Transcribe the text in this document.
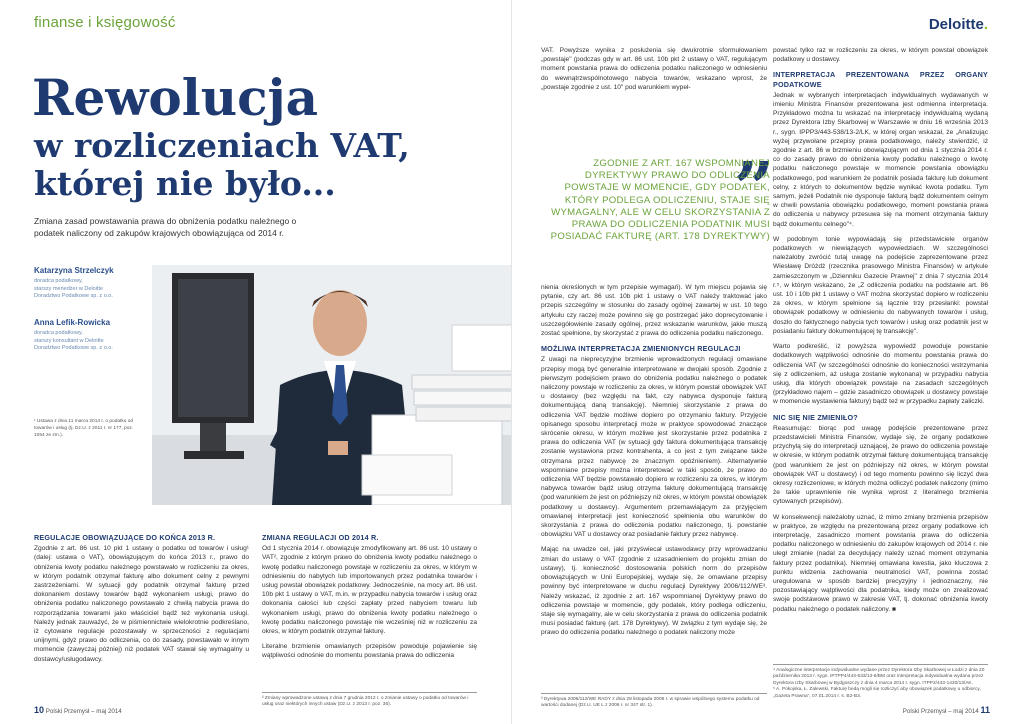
finanse i księgowość
Rewolucja
w rozliczeniach VAT,
której nie było...
Zmiana zasad powstawania prawa do obniżenia podatku należnego o podatek naliczony od zakupów krajowych obowiązująca od 2014 r.
Katarzyna Strzelczyk
doradca podatkowy,
starszy menedżer w Deloitte
Doradztwo Podatkowe sp. z o.o.
Anna Lefik-Rowicka
doradca podatkowy,
starszy konsultant w Deloitte
Doradztwo Podatkowe sp. z o.o.
¹ Ustawa z dnia 11 marca 2014 r. o podatku od towarów i usług (tj. Dz.U. z 2011 r. nr 177, poz. 1054 ze zm.).
REGULACJE OBOWIĄZUJĄCE DO KOŃCA 2013 R.
Zgodnie z art. 86 ust. 10 pkt 1 ustawy o podatku od towarów i usług¹ (dalej: ustawa o VAT), obowiązującym do końca 2013 r., prawo do obniżenia kwoty podatku należnego powstawało w rozliczeniu za okres, w którym podatnik otrzymał fakturę albo dokument celny z pewnymi zastrzeżeniami. W sytuacji gdy podatnik otrzymał fakturę przed dokonaniem dostawy towarów bądź wykonaniem usługi, prawo do obniżenia podatku naliczonego powstawało z chwilą nabycia prawa do rozporządzania towarami jako właściciel bądź też wykonania usługi. Należy jednak zauważyć, że w piśmiennictwie wielokrotnie podkreślano, iż cytowane regulacje pozostawały w sprzeczności z regulacjami unijnymi, gdyż prawo do odliczenia, co do zasady, powstawało w innym momencie (zawyczaj później) niż podatek VAT stawał się wymagalny u dostawcy/usługodawcy.
ZMIANA REGULACJI OD 2014 R.
Od 1 stycznia 2014 r. obowiązuje zmodyfikowany art. 86 ust. 10 ustawy o VAT², zgodnie z którym prawo do obniżenia kwoty podatku należnego o kwotę podatku naliczonego powstaje w rozliczeniu za okres, w którym w odniesieniu do nabytych lub importowanych przez podatnika towarów i usług powstał obowiązek podatkowy. Jednocześnie, na mocy art. 86 ust. 10b pkt 1 ustawy o VAT, m.in. w przypadku nabycia towarów i usług oraz dokonania całości lub części zapłaty przed nabyciem towaru lub wykonaniem usługi, prawo do obniżenia kwoty podatku należnego o kwotę podatku naliczonego powstaje nie wcześniej niż w rozliczeniu za okres, w którym podatnik otrzymał fakturę.
Literalne brzmienie omawianych przepisów powoduje pojawienie się wątpliwości odnośnie do momentu powstania prawa do odliczenia
² Zmiany wprowadzone ustawą z dnia 7 grudnia 2012 r. o zmianie ustawy o podatku od towarów i usług oraz niektórych innych ustaw (Dz.U. z 2013 r. poz. 35).
10 Polski Przemysł – maj 2014
Deloitte.
VAT. Powyższe wynika z posłużenia się dwukrotnie sformułowaniem „powstaje" (podczas gdy w art. 86 ust. 10b pkt 2 ustawy o VAT, regulującym moment powstania prawa do odliczenia podatku naliczonego w odniesieniu do wewnątrzwspólnotowego nabycia towarów, wskazano wprost, że „powstaje zgodnie z ust. 10" pod warunkiem wypeł-
„
ZGODNIE Z ART. 167 WSPOMNIANEJ DYREKTYWY PRAWO DO ODLICZENIA POWSTAJE W MOMENCIE, GDY PODATEK, KTÓRY PODLEGA ODLICZENIU, STAJE SIĘ WYMAGALNY, ALE W CELU SKORZYSTANIA Z PRAWA DO ODLICZENIA PODATNIK MUSI POSIADAĆ FAKTURĘ (ART. 178 DYREKTYWY)
nienia określonych w tym przepisie wymagań). W tym miejscu pojawia się pytanie, czy art. 86 ust. 10b pkt 1 ustawy o VAT należy traktować jako przepis szczególny w stosunku do zasady ogólnej zawartej w ust. 10 tego artykułu czy raczej może powinno się go postrzegać jako doprecyzowanie i uszczegółowienie zasady ogólnej, przez wskazanie warunków, jakie muszą zostać spełnione, by skorzystać z prawa do odliczenia podatku naliczonego.
MOŻLIWA INTERPRETACJA ZMIENIONYCH REGULACJI
Z uwagi na nieprecyzyjne brzmienie wprowadzonych regulacji omawiane przepisy mogą być generalnie interpretowane w dwojaki sposób. Zgodnie z pierwszym podejściem prawo do obniżenia podatku należnego o podatek naliczony powstaje w rozliczeniu za okres, w którym powstał obowiązek VAT u dostawcy (bez względu na fakt, czy nabywca dysponuje fakturą dokumentującą daną transakcję). Niemniej skorzystanie z prawa do odliczenia VAT będzie możliwe dopiero po otrzymaniu faktury. Przyjęcie opisanego sposobu interpretacji może w praktyce spowodować znaczące skrócenie okresu, w którym możliwe jest skorzystanie przez podatnika z prawa do odliczenia VAT (w sytuacji gdy faktura dokumentująca transakcję zostanie wystawiona przez kontrahenta, a co jest z tym związane także otrzymana przez nabywcę ze znacznym opóźnieniem). Alternatywnie wspomniane przepisy można interpretować w taki sposób, że prawo do odliczenia VAT będzie powstawało dopiero w rozliczeniu za okres, w którym nabywca towarów bądź usług otrzyma fakturę dokumentującą transakcję (pod warunkiem że jest on późniejszy niż okres, w którym powstał obowiązek podatkowy u dostawcy). Argumentem przemawiającym za przyjęciem omawianej interpretacji jest konieczność spełnienia obu warunków do skorzystania z prawa do odliczenia podatku naliczonego, tj. powstanie obowiązku VAT u dostawcy oraz posiadanie faktury przez nabywcę.
Mając na uwadze cel, jaki przyświecał ustawodawcy przy wprowadzaniu zmian do ustawy o VAT (zgodnie z uzasadnieniem do projektu zmian do ustawy), tj. konieczność dostosowania polskich norm do przepisów obowiązujących w Unii Europejskiej, wydaje się, że omawiane przepisy powinny być interpretowane w duchu regulacji Dyrektywy 2006/112/WE³. Należy wskazać, iż zgodnie z art. 167 wspomnianej Dyrektywy prawo do odliczenia powstaje w momencie, gdy podatek, który podlega odliczeniu, staje się wymagalny, ale w celu skorzystania z prawa do odliczenia podatnik musi posiadać fakturę (art. 178 Dyrektywy). W związku z tym wydaje się, że prawo do odliczenia podatku należnego o podatek naliczony może
³ Dyrektywa 2006/112/WE RADY z dnia 28 listopada 2006 r. w sprawie wspólnego systemu podatku od wartości dodanej (Dz.U. UE L z 2006 r. nr 347 str. 1).
powstać tylko raz w rozliczeniu za okres, w którym powstał obowiązek podatkowy u dostawcy.
INTERPRETACJA PREZENTOWANA PRZEZ ORGANY PODATKOWE
Jednak w wybranych interpretacjach indywidualnych wydawanych w imieniu Ministra Finansów prezentowana jest odmienna interpretacja. Przykładowo można tu wskazać na interpretację indywidualną wydaną przez Dyrektora Izby Skarbowej w Warszawie w dniu 16 września 2013 r., sygn. IPPP3/443-538/13-2/LK, w której organ wskazał, że „Analizując wyżej przywołane przepisy prawa podatkowego, należy stwierdzić, iż zgodnie z art. 86 w brzmieniu obowiązującym od dnia 1 stycznia 2014 r. co do zasady prawo do obniżenia kwoty podatku należnego o kwotę podatku naliczonego powstaje w momencie powstania obowiązku podatkowego, pod warunkiem że podatnik posiada fakturę lub dokument celny, z których to dokumentów będzie wynikać kwota podatku. Tym samym, jeżeli Podatnik nie dysponuje fakturą bądź dokumentem celnym w chwili powstania obowiązku podatkowego, moment powstania prawa do odliczenia u nabywcy przesuwa się na moment otrzymania faktury bądź dokumentu celnego"⁴.
W podobnym tonie wypowiadają się przedstawiciele organów podatkowych w niewiążących wypowiedziach. W szczególności należałoby zwrócić tutaj uwagę na podejście zaprezentowane przez Wiesławę Dróżdż (rzecznika prasowego Ministra Finansów) w artykule zamieszczonym w „Dzienniku Gazecie Prawnej" z dnia 7 stycznia 2014 r.⁵, w którym wskazano, że „Z odliczenia podatku na podstawie art. 86 ust. 10 i 10b pkt 1 ustawy o VAT można skorzystać dopiero w rozliczeniu za okres, w którym spełnione są łącznie trzy przesłanki: powstał obowiązek podatkowy w odniesieniu do nabywanych towarów i usług, doszło do faktycznego nabycia tych towarów i usług oraz podatnik jest w posiadaniu faktury dokumentującej tę transakcję".
Warto podkreślić, iż powyższa wypowiedź powoduje powstanie dodatkowych wątpliwości odnośnie do momentu powstania prawa do odliczenia VAT (w szczególności odnośnie do konieczności wstrzymania się z odliczeniem, aż usługa zostanie wykonana) w przypadku nabycia usług, dla których obowiązek powstaje na zasadach szczególnych (przykładowo najem – gdzie zasadniczo obowiązek u dostawcy powstaje w momencie wystawienia faktury) bądź też w przypadku zapłaty zaliczki.
NIC SIĘ NIE ZMIENIŁO?
Reasumując: biorąc pod uwagę podejście prezentowane przez przedstawicieli Ministra Finansów, wydaje się, że organy podatkowe przychylą się do interpretacji uznającej, że prawo do odliczenia powstaje w okresie, w którym podatnik otrzymał fakturę dokumentującą transakcję (pod warunkiem że jest on późniejszy niż okres, w którym powstał obowiązek VAT u dostawcy) i od tego momentu powinno się liczyć dwa okresy rozliczeniowe, w których można odliczyć podatek naliczony (mimo że takie uprawnienie nie wynika wprost z literalnego brzmienia cytowanych przepisów).
W konsekwencji należałoby uznać, iż mimo zmiany brzmienia przepisów w praktyce, ze względu na prezentowaną przez organy podatkowe ich interpretację, zasadniczo moment powstania prawa do odliczenia podatku naliczonego w odniesieniu do zakupów krajowych od 2014 r. nie uległ zmianie (nadal za decydujący należy uznać moment otrzymania faktury przez podatnika). Niemniej omawiana kwestia, jako kluczowa z punktu widzenia zachowania neutralności VAT, powinna zostać uregulowana w sposób bardziej precyzyjny i jednoznaczny, nie pozostawiający wątpliwości dla podatnika, kiedy może on zrealizować swoje podstawowe prawo w zakresie VAT, tj. dokonać obniżenia kwoty podatku należnego o podatek naliczony. ■
⁴ Analogiczne interpretacje indywidualne wydane przez Dyrektora Izby Skarbowej w Łodzi z dnia 20 października 2013 r. sygn. IPTPP4/443-533/13-6/BM oraz interpretacja indywidualna wydana przez Dyrektora Izby Skarbowej w Bydgoszczy z dnia 4 marca 2014 r. sygn. ITPP2/443-1430/13/AK.
⁵ A. Pokojska, Ł. Zalewski, Fakturę bedą mogli się rozliczyć aby obowiązek podatkowy u odbiorcy, „Gazeta Prawna", 07.01.2014 r. s. B2-B3.
Polski Przemysł – maj 2014 11
